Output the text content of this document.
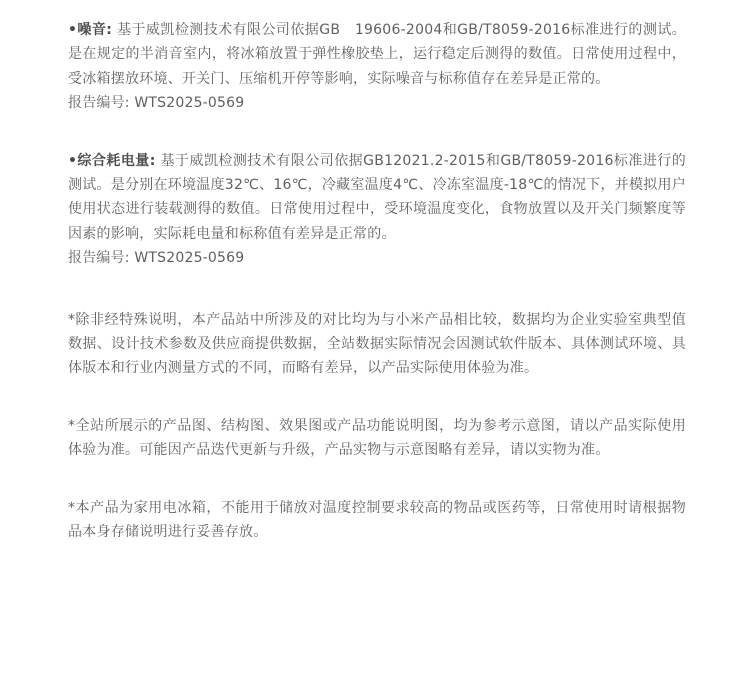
•噪音: 基于威凯检测技术有限公司依据GB　19606-2004和GB/T8059-2016标准进行的测试。是在规定的半消音室内，将冰箱放置于弹性橡胶垫上，运行稳定后测得的数值。日常使用过程中，受冰箱摆放环境、开关门、压缩机开停等影响，实际噪音与标称值存在差异是正常的。

报告编号: WTS2025-0569

•综合耗电量: 基于威凯检测技术有限公司依据GB12021.2-2015和GB/T8059-2016标准进行的测试。是分别在环境温度32℃、16℃，冷藏室温度4℃、冷冻室温度-18℃的情况下，并模拟用户使用状态进行装载测得的数值。日常使用过程中，受环境温度变化，食物放置以及开关门频繁度等因素的影响，实际耗电量和标称值有差异是正常的。

报告编号: WTS2025-0569

*除非经特殊说明，本产品站中所涉及的对比均为与小米产品相比较，数据均为企业实验室典型值数据、设计技术参数及供应商提供数据，全站数据实际情况会因测试软件版本、具体测试环境、具体版本和行业内测量方式的不同，而略有差异，以产品实际使用体验为准。

*全站所展示的产品图、结构图、效果图或产品功能说明图，均为参考示意图，请以产品实际使用体验为准。可能因产品迭代更新与升级，产品实物与示意图略有差异，请以实物为准。

*本产品为家用电冰箱，不能用于储放对温度控制要求较高的物品或医药等，日常使用时请根据物品本身存储说明进行妥善存放。
